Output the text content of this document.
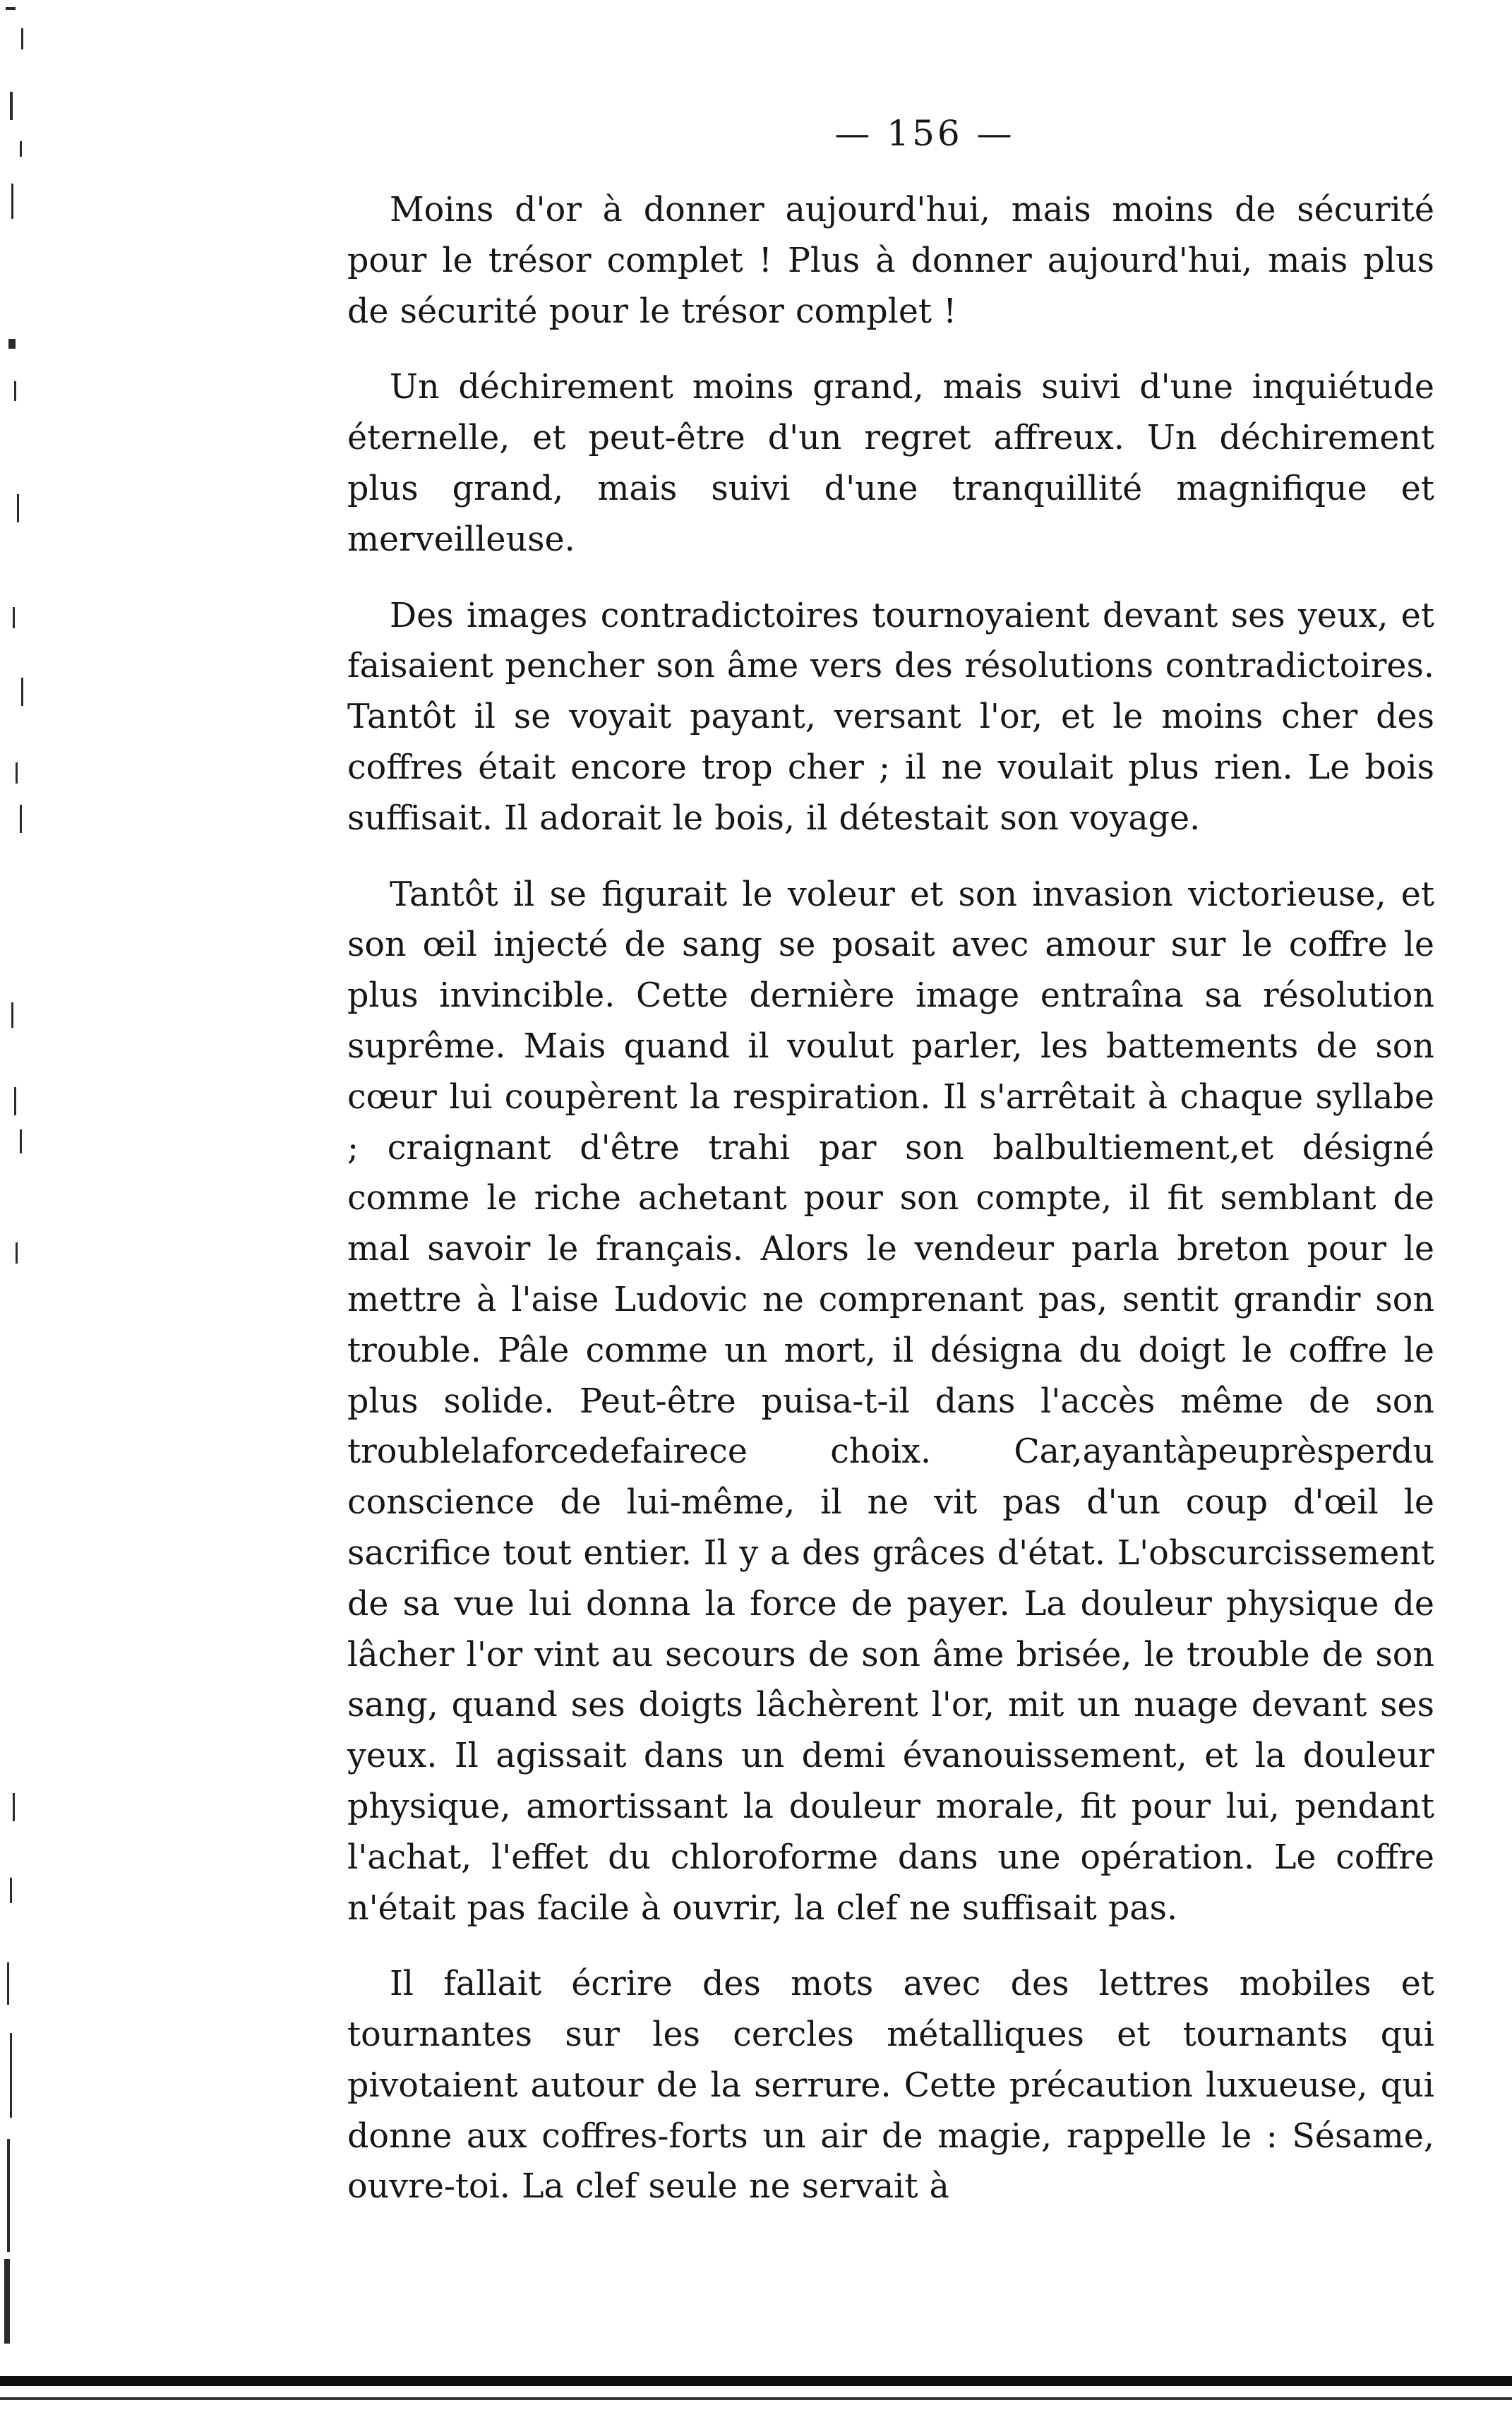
— 156 —

Moins d'or à donner aujourd'hui, mais moins de sécurité pour le trésor complet ! Plus à donner aujourd'hui, mais plus de sécurité pour le trésor complet !

Un déchirement moins grand, mais suivi d'une inquiétude éternelle, et peut-être d'un regret affreux. Un déchirement plus grand, mais suivi d'une tranquillité magnifique et merveilleuse.

Des images contradictoires tournoyaient devant ses yeux, et faisaient pencher son âme vers des résolutions contradictoires. Tantôt il se voyait payant, versant l'or, et le moins cher des coffres était encore trop cher ; il ne voulait plus rien. Le bois suffisait. Il adorait le bois, il détestait son voyage.

Tantôt il se figurait le voleur et son invasion victorieuse, et son œil injecté de sang se posait avec amour sur le coffre le plus invincible. Cette dernière image entraîna sa résolution suprême. Mais quand il voulut parler, les battements de son cœur lui coupèrent la respiration. Il s'arrêtait à chaque syllabe ; craignant d'être trahi par son balbultiement,et désigné comme le riche achetant pour son compte, il fit semblant de mal savoir le français. Alors le vendeur parla breton pour le mettre à l'aise Ludovic ne comprenant pas, sentit grandir son trouble. Pâle comme un mort, il désigna du doigt le coffre le plus solide. Peut-être puisa-t-il dans l'accès même de son troublelaforcedefairece choix. Car,ayantàpeuprèsperdu conscience de lui-même, il ne vit pas d'un coup d'œil le sacrifice tout entier. Il y a des grâces d'état. L'obscurcissement de sa vue lui donna la force de payer. La douleur physique de lâcher l'or vint au secours de son âme brisée, le trouble de son sang, quand ses doigts lâchèrent l'or, mit un nuage devant ses yeux. Il agissait dans un demi évanouissement, et la douleur physique, amortissant la douleur morale, fit pour lui, pendant l'achat, l'effet du chloroforme dans une opération. Le coffre n'était pas facile à ouvrir, la clef ne suffisait pas.

Il fallait écrire des mots avec des lettres mobiles et tournantes sur les cercles métalliques et tournants qui pivotaient autour de la serrure. Cette précaution luxueuse, qui donne aux coffres-forts un air de magie, rappelle le : Sésame, ouvre-toi. La clef seule ne servait à
